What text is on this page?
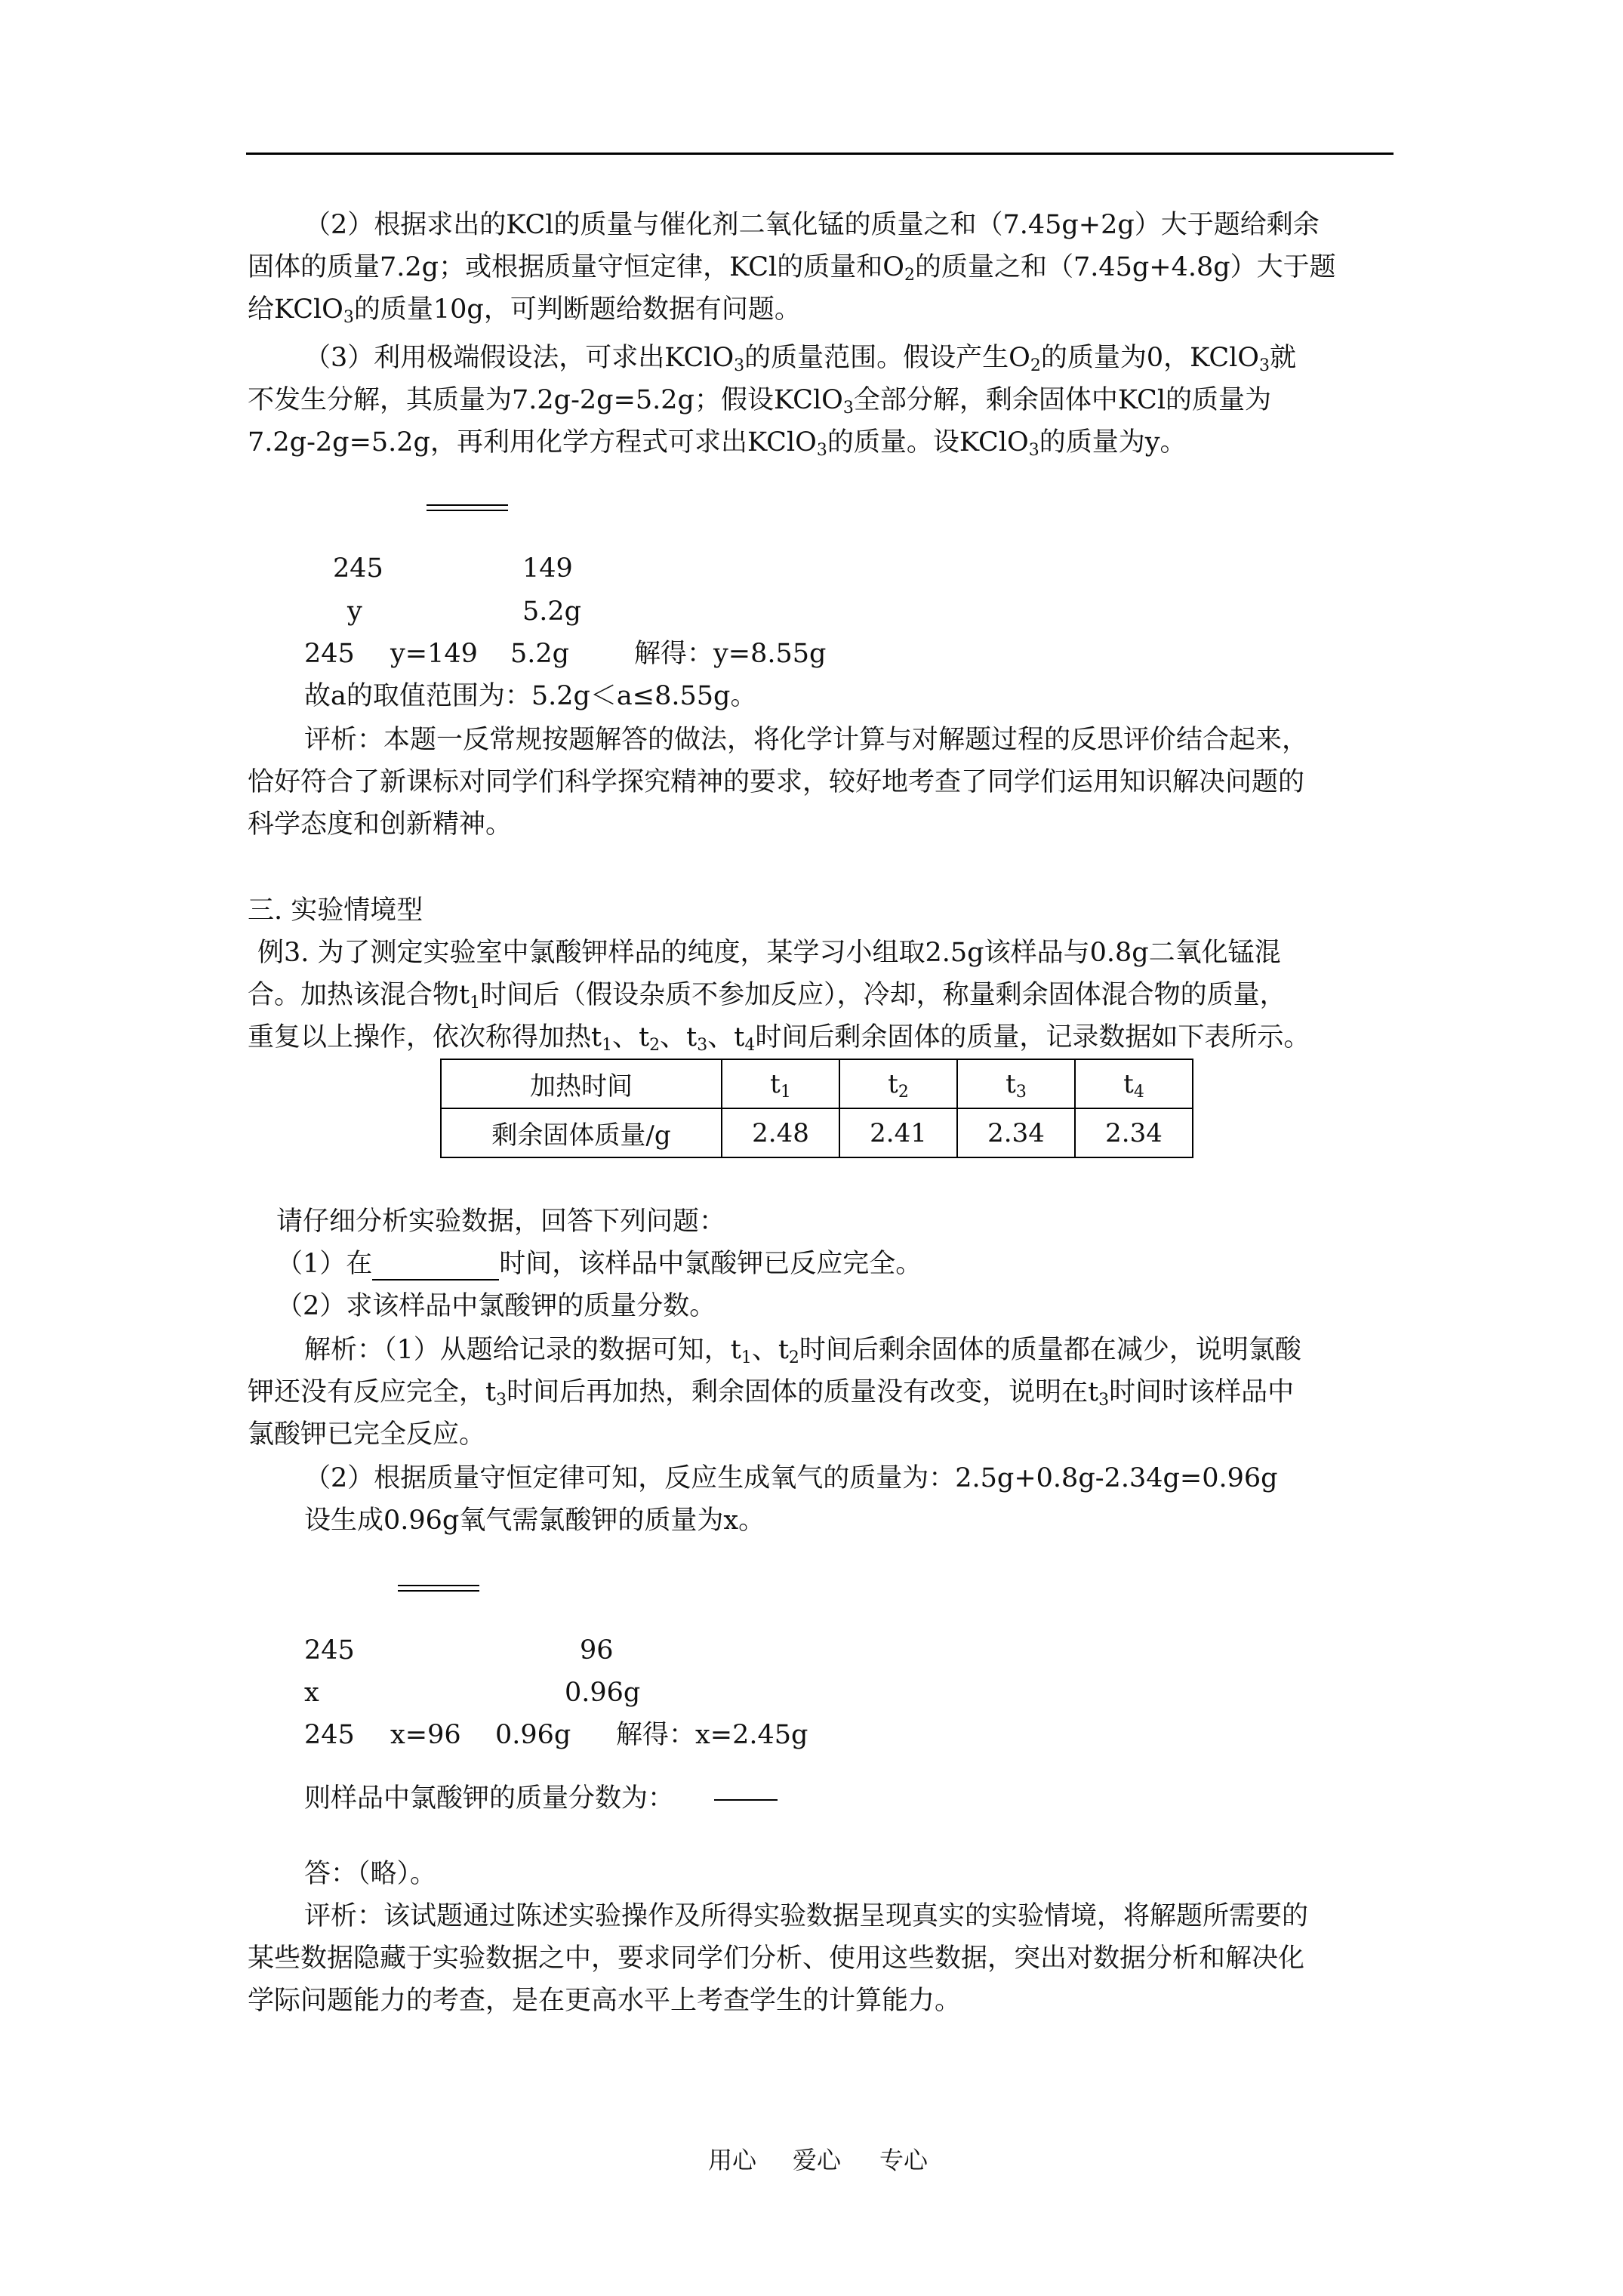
（2）根据求出的KCl的质量与催化剂二氧化锰的质量之和（7.45g+2g）大于题给剩余
固体的质量7.2g；或根据质量守恒定律，KCl的质量和$O_2$的质量之和（7.45g+4.8g）大于题
给KClO$_3$的质量10g，可判断题给数据有问题。
（3）利用极端假设法，可求出KClO$_3$的质量范围。假设产生$O_2$的质量为0，KClO$_3$就
不发生分解，其质量为7.2g-2g=5.2g；假设KClO$_3$全部分解，剩余固体中KCl的质量为
7.2g-2g=5.2g，再利用化学方程式可求出KClO$_3$的质量。设KClO$_3$的质量为y。
245	149
y	5.2g
245 y=149 5.2g 解得：y=8.55g
故a的取值范围为：5.2g＜a≤8.55g。
评析：本题一反常规按题解答的做法，将化学计算与对解题过程的反思评价结合起来，
恰好符合了新课标对同学们科学探究精神的要求，较好地考查了同学们运用知识解决问题的
科学态度和创新精神。
三. 实验情境型
例3. 为了测定实验室中氯酸钾样品的纯度，某学习小组取2.5g该样品与0.8g二氧化锰混
合。加热该混合物$t_1$时间后（假设杂质不参加反应），冷却，称量剩余固体混合物的质量，
重复以上操作，依次称得加热$t_1$、$t_2$、$t_3$、$t_4$时间后剩余固体的质量，记录数据如下表所示。
加热时间	$t_1$	$t_2$	$t_3$	$t_4$
剩余固体质量/g	2.48	2.41	2.34	2.34
请仔细分析实验数据，回答下列问题：
（1）在	时间，该样品中氯酸钾已反应完全。
（2）求该样品中氯酸钾的质量分数。
解析：（1）从题给记录的数据可知，$t_1$、$t_2$时间后剩余固体的质量都在减少，说明氯酸
钾还没有反应完全，$t_3$时间后再加热，剩余固体的质量没有改变，说明在$t_3$时间时该样品中
氯酸钾已完全反应。
（2）根据质量守恒定律可知，反应生成氧气的质量为：2.5g+0.8g-2.34g=0.96g
设生成0.96g氧气需氯酸钾的质量为x。
245	96
x	0.96g
245 x=96 0.96g 解得：x=2.45g
则样品中氯酸钾的质量分数为：
答：（略）。
评析：该试题通过陈述实验操作及所得实验数据呈现真实的实验情境，将解题所需要的
某些数据隐藏于实验数据之中，要求同学们分析、使用这些数据，突出对数据分析和解决化
学际问题能力的考查，是在更高水平上考查学生的计算能力。
用心 爱心 专心
